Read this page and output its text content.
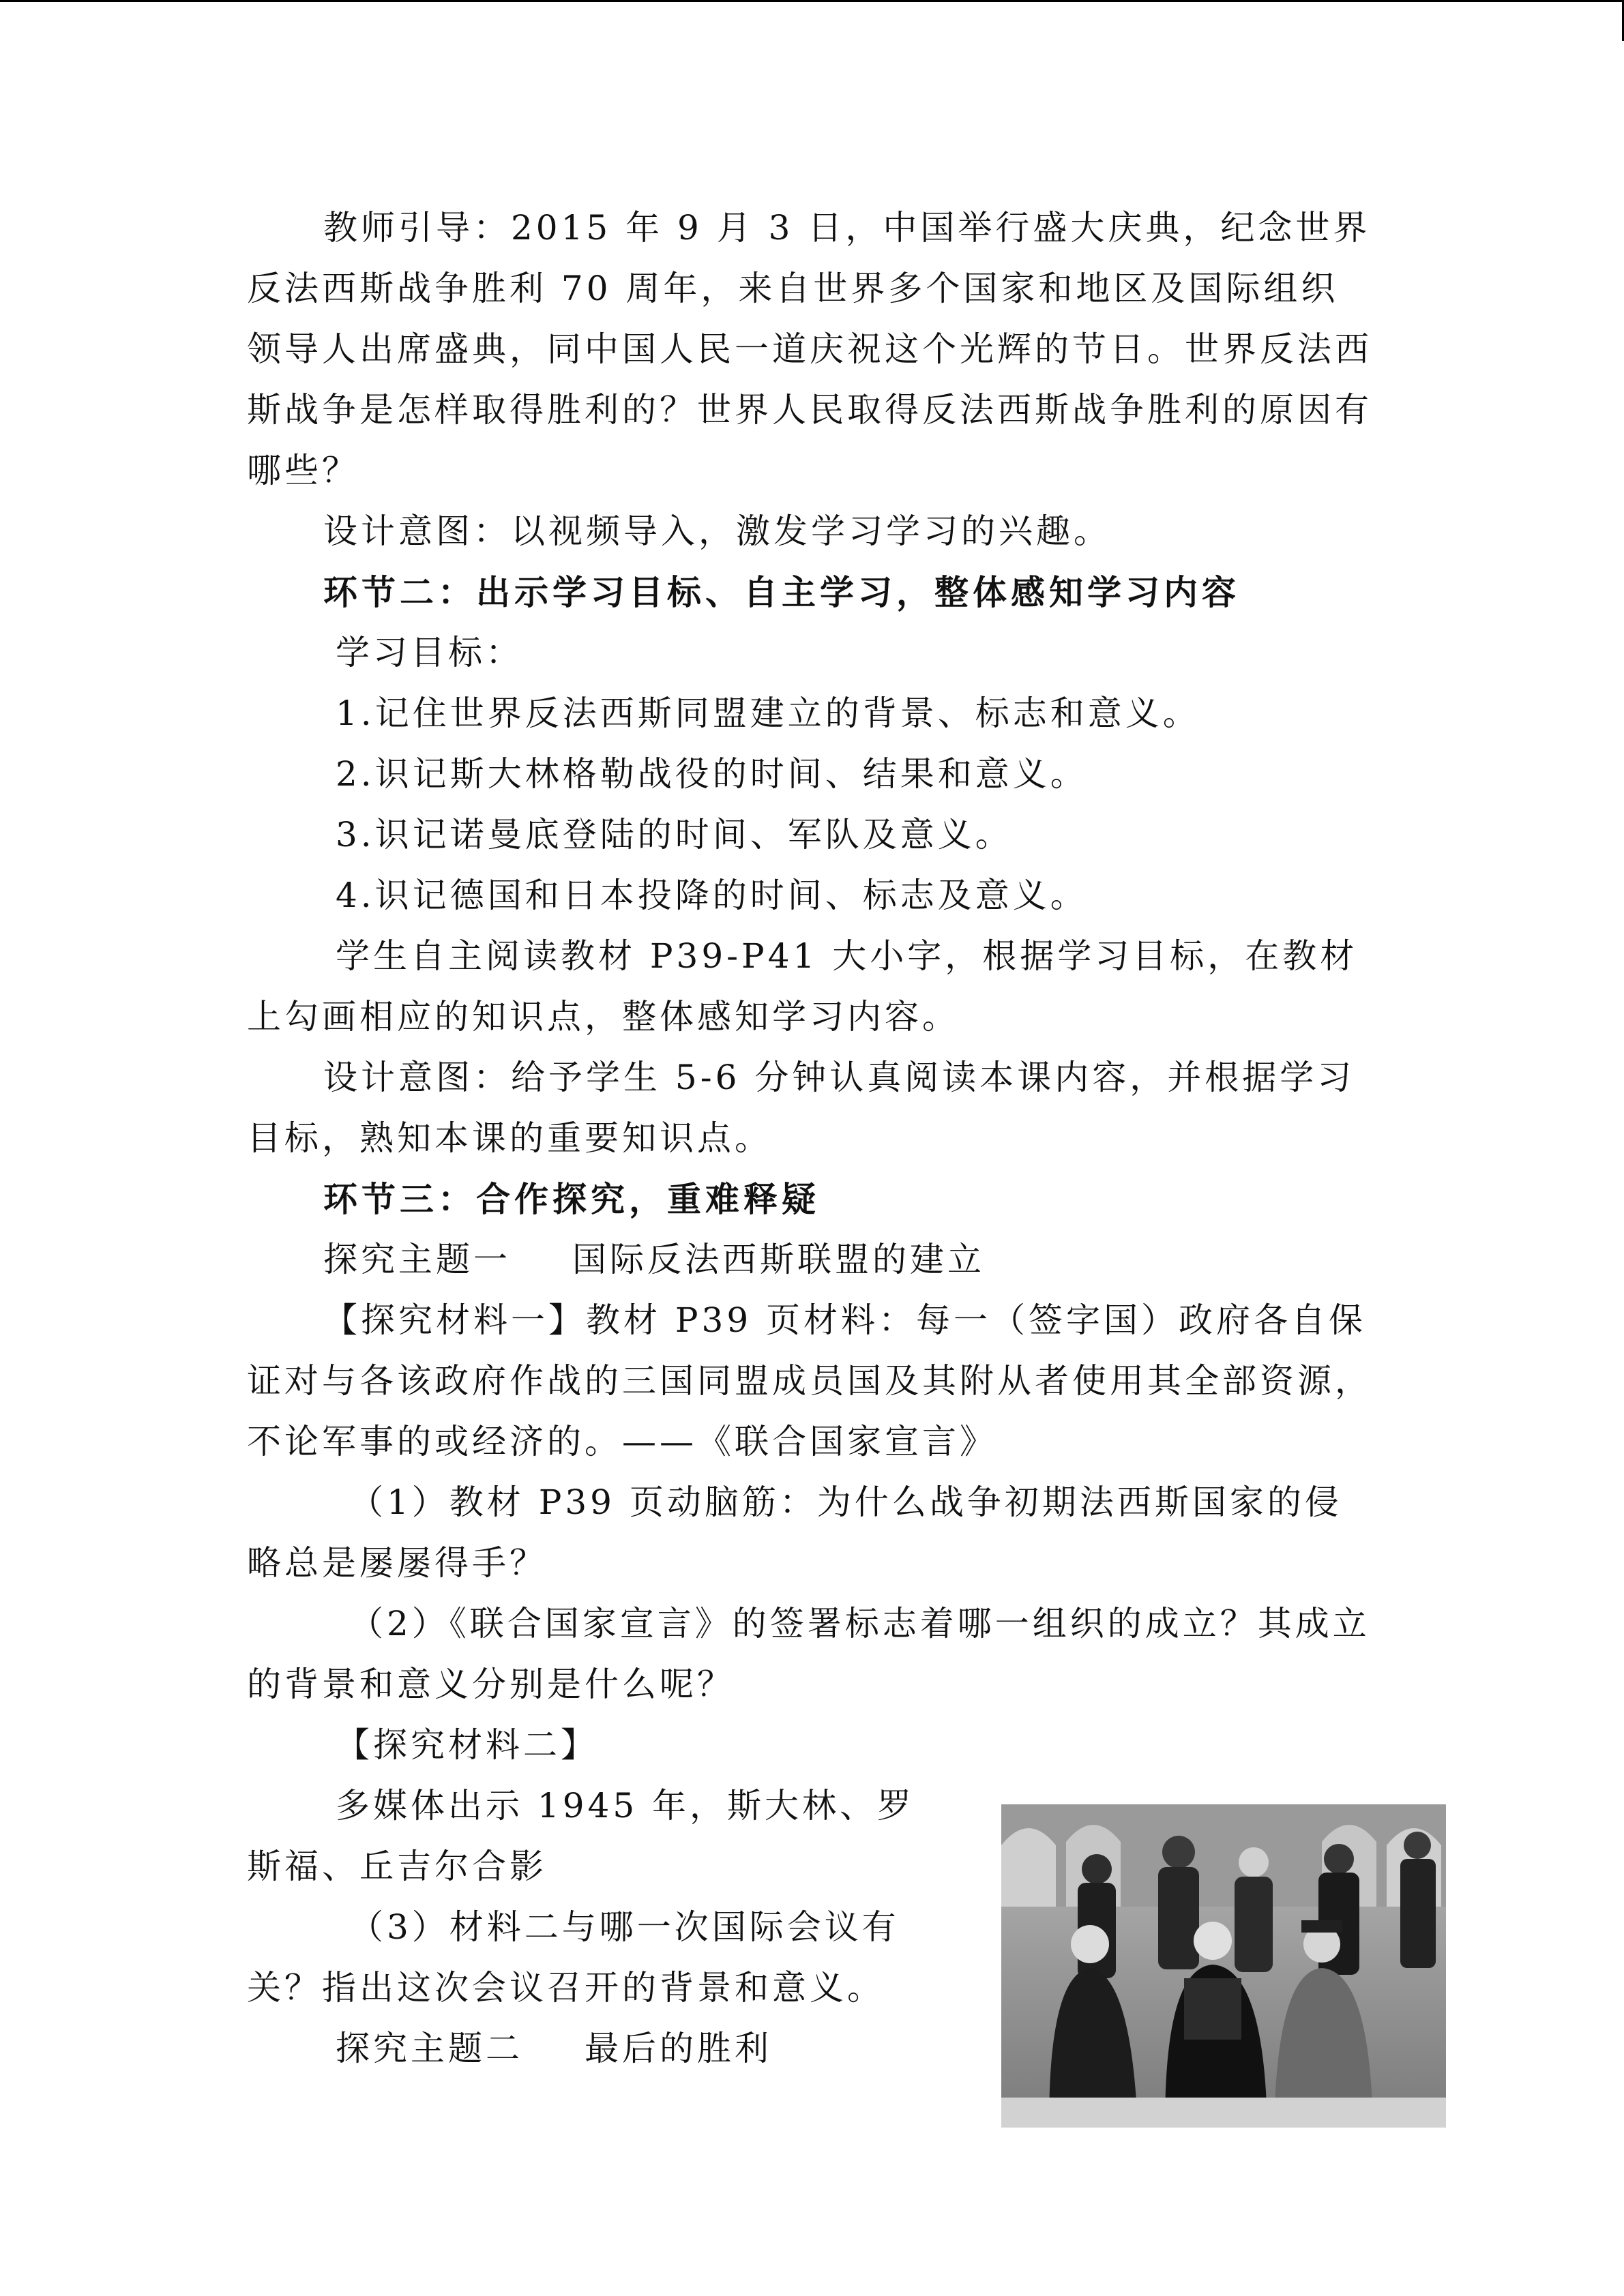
教师引导：2015 年 9 月 3 日，中国举行盛大庆典，纪念世界反法西斯战争胜利 70 周年，来自世界多个国家和地区及国际组织领导人出席盛典，同中国人民一道庆祝这个光辉的节日。世界反法西斯战争是怎样取得胜利的？世界人民取得反法西斯战争胜利的原因有哪些？

设计意图：以视频导入，激发学习学习的兴趣。

环节二：出示学习目标、自主学习，整体感知学习内容

学习目标：

1.记住世界反法西斯同盟建立的背景、标志和意义。

2.识记斯大林格勒战役的时间、结果和意义。

3.识记诺曼底登陆的时间、军队及意义。

4.识记德国和日本投降的时间、标志及意义。

学生自主阅读教材 P39-P41 大小字，根据学习目标，在教材上勾画相应的知识点，整体感知学习内容。

设计意图：给予学生 5-6 分钟认真阅读本课内容，并根据学习目标，熟知本课的重要知识点。

环节三：合作探究，重难释疑

探究主题一 国际反法西斯联盟的建立

【探究材料一】教材 P39 页材料：每一（签字国）政府各自保证对与各该政府作战的三国同盟成员国及其附从者使用其全部资源，不论军事的或经济的。——《联合国家宣言》

（1）教材 P39 页动脑筋：为什么战争初期法西斯国家的侵略总是屡屡得手？

（2）《联合国家宣言》的签署标志着哪一组织的成立？其成立的背景和意义分别是什么呢？

【探究材料二】

多媒体出示 1945 年，斯大林、罗斯福、丘吉尔合影

（3）材料二与哪一次国际会议有关？指出这次会议召开的背景和意义。

探究主题二 最后的胜利
